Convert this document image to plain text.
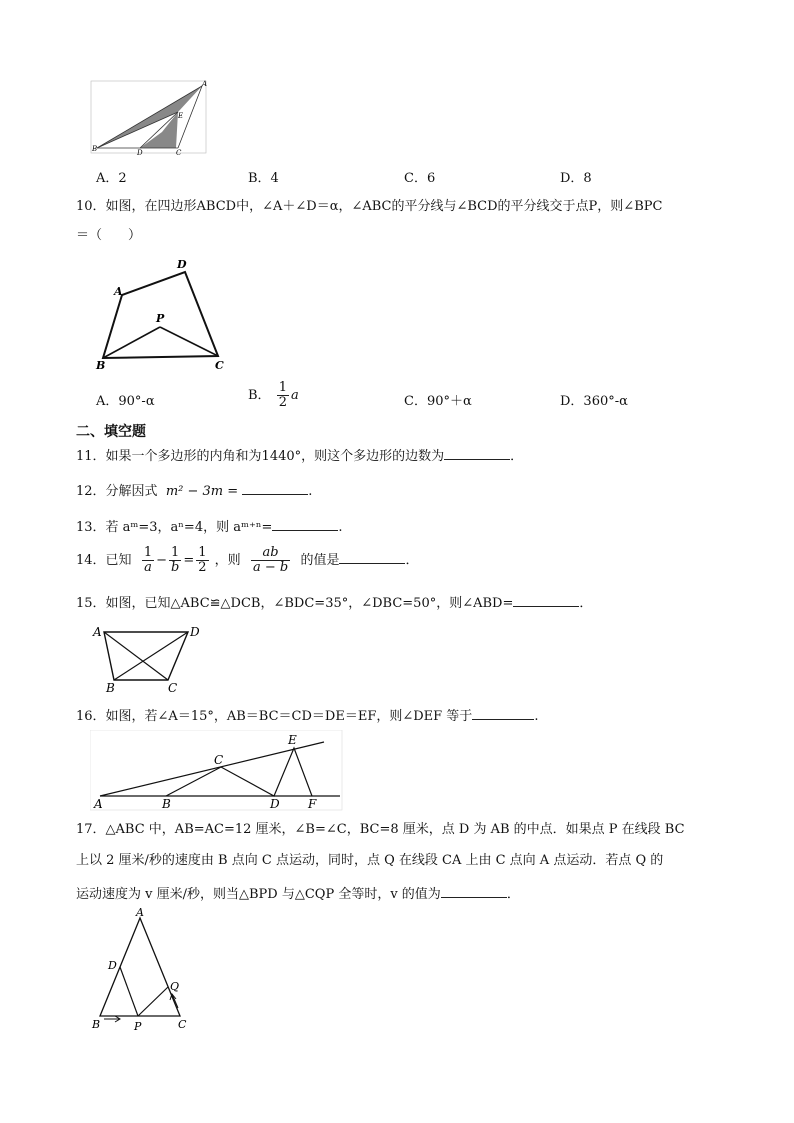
A
B	C
D
E
A．2	B．4	C．6	D．8
10．如图，在四边形ABCD中，∠A＋∠D＝α，∠ABC的平分线与∠BCD的平分线交于点P，则∠BPC
＝（　　）
A
B	C
D
P
A．90°-α	B． $\frac{1}{2}$ a	C．90°＋α	D．360°-α
二、填空题
11．如果一个多边形的内角和为1440°，则这个多边形的边数为	．
12．分解因式 m² − 3m =	.
13．若 aᵐ=3，aⁿ=4，则 aᵐ⁺ⁿ=	.
14．已知 $\frac{1}{a} - \frac{1}{b} = \frac{1}{2}$ ，则 $\frac{ab}{a - b}$ 的值是	．
15．如图，已知△ABC≌△DCB，∠BDC=35°，∠DBC=50°，则∠ABD=	．
A	D
B	C
16．如图，若∠A＝15°，AB＝BC＝CD＝DE＝EF，则∠DEF 等于	.
A	B
C
D
E
F
17．△ABC 中，AB=AC=12 厘米，∠B=∠C，BC=8 厘米，点 D 为 AB 的中点．如果点 P 在线段 BC
上以 2 厘米/秒的速度由 B 点向 C 点运动，同时，点 Q 在线段 CA 上由 C 点向 A 点运动．若点 Q 的
运动速度为 v 厘米/秒，则当△BPD 与△CQP 全等时，v 的值为	．
A
B	C
D
P
Q
